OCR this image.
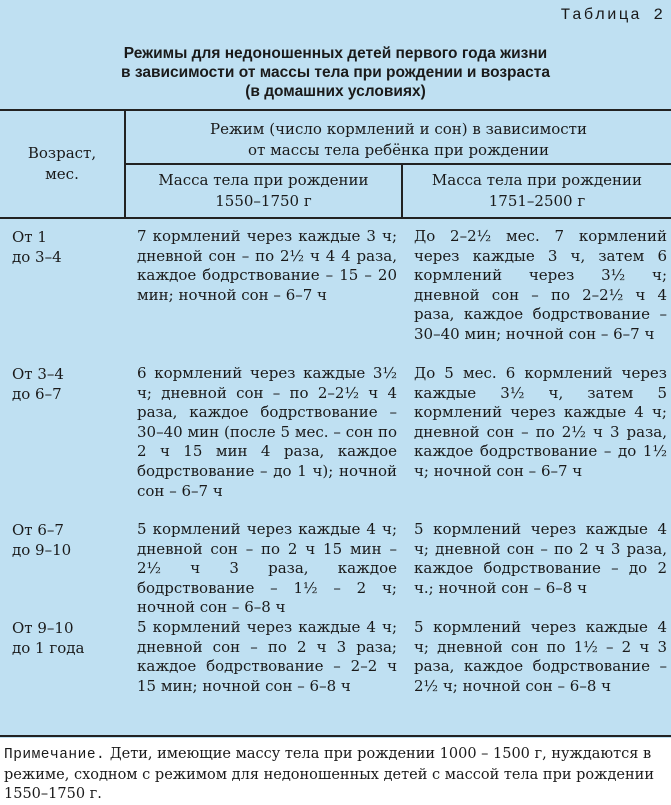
Таблица 2
Режимы для недоношенных детей первого года жизни
в зависимости от массы тела при рождении и возраста
(в домашних условиях)
Возраст,
мес.
Режим (число кормлений и сон) в зависимости
от массы тела ребёнка при рождении
Масса тела при рождении
1550–1750 г
Масса тела при рождении
1751–2500 г
От 1
до 3–4
7 кормлений через каждые 3 ч; дневной сон – по 2½ ч 4 4 раза, каждое бодрствование – 15 – 20 мин; ночной сон – 6–7 ч
До 2–2½ мес. 7 кормлений через каждые 3 ч, затем 6 кормлений через 3½ ч; дневной сон – по 2–2½ ч 4 раза, каждое бодрствование – 30–40 мин; ночной сон – 6–7 ч
От 3–4
до 6–7
6 кормлений через каждые 3½ ч; дневной сон – по 2–2½ ч 4 раза, каждое бодрствование – 30–40 мин (после 5 мес. – сон по 2 ч 15 мин 4 раза, каждое бодрствование – до 1 ч); ночной сон – 6–7 ч
До 5 мес. 6 кормлений через каждые 3½ ч, затем 5 кормлений через каждые 4 ч; дневной сон – по 2½ ч 3 раза, каждое бодрствование – до 1½ ч; ночной сон – 6–7 ч
От 6–7
до 9–10
5 кормлений через каждые 4 ч; дневной сон – по 2 ч 15 мин – 2½ ч 3 раза, каждое бодрствование – 1½ – 2 ч; ночной сон – 6–8 ч
5 кормлений через каждые 4 ч; дневной сон – по 2 ч 3 раза, каждое бодрствование – до 2 ч.; ночной сон – 6–8 ч
От 9–10
до 1 года
5 кормлений через каждые 4 ч; дневной сон – по 2 ч 3 раза; каждое бодрствование – 2–2 ч 15 мин; ночной сон – 6–8 ч
5 кормлений через каждые 4 ч; дневной сон по 1½ – 2 ч 3 раза, каждое бодрствование – 2½ ч; ночной сон – 6–8 ч
Примечание. Дети, имеющие массу тела при рождении 1000 – 1500 г, нуждаются в режиме, сходном с режимом для недоношенных детей с массой тела при рождении 1550–1750 г.
